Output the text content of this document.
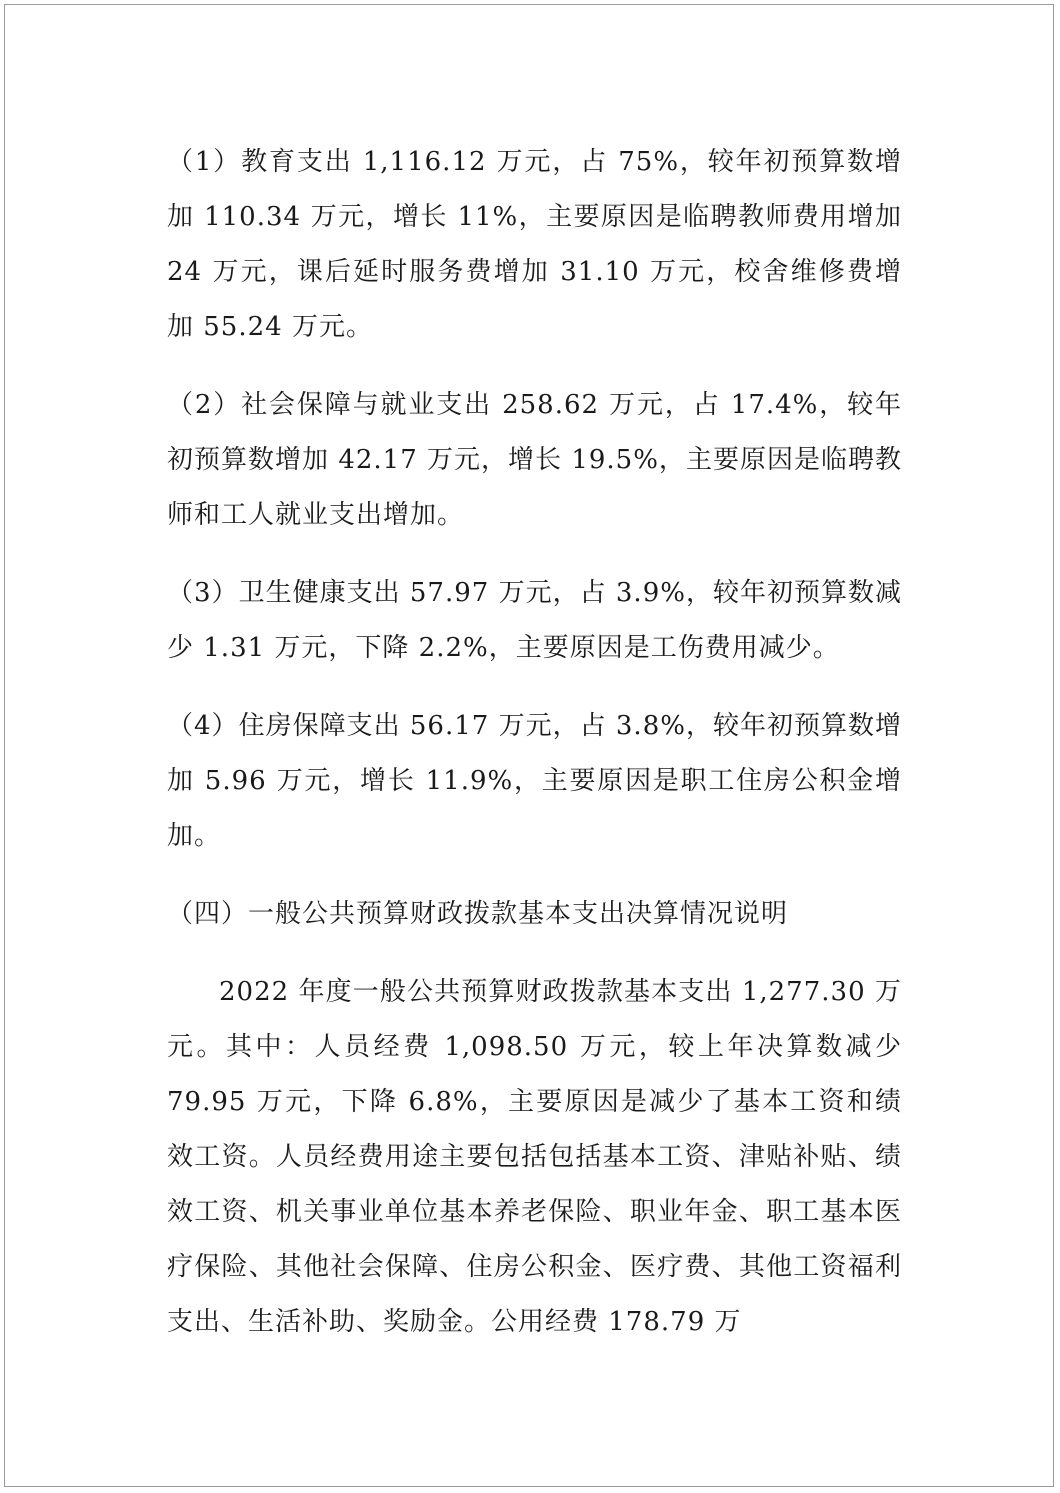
（1）教育支出 1,116.12 万元，占 75%，较年初预算数增加 110.34 万元，增长 11%，主要原因是临聘教师费用增加 24 万元，课后延时服务费增加 31.10 万元，校舍维修费增加 55.24 万元。

（2）社会保障与就业支出 258.62 万元，占 17.4%，较年初预算数增加 42.17 万元，增长 19.5%，主要原因是临聘教师和工人就业支出增加。

（3）卫生健康支出 57.97 万元，占 3.9%，较年初预算数减少 1.31 万元，下降 2.2%，主要原因是工伤费用减少。

（4）住房保障支出 56.17 万元，占 3.8%，较年初预算数增加 5.96 万元，增长 11.9%，主要原因是职工住房公积金增加。

（四）一般公共预算财政拨款基本支出决算情况说明

2022 年度一般公共预算财政拨款基本支出 1,277.30 万元。其中：人员经费 1,098.50 万元，较上年决算数减少 79.95 万元，下降 6.8%，主要原因是减少了基本工资和绩效工资。人员经费用途主要包括包括基本工资、津贴补贴、绩效工资、机关事业单位基本养老保险、职业年金、职工基本医疗保险、其他社会保障、住房公积金、医疗费、其他工资福利支出、生活补助、奖励金。公用经费 178.79 万
